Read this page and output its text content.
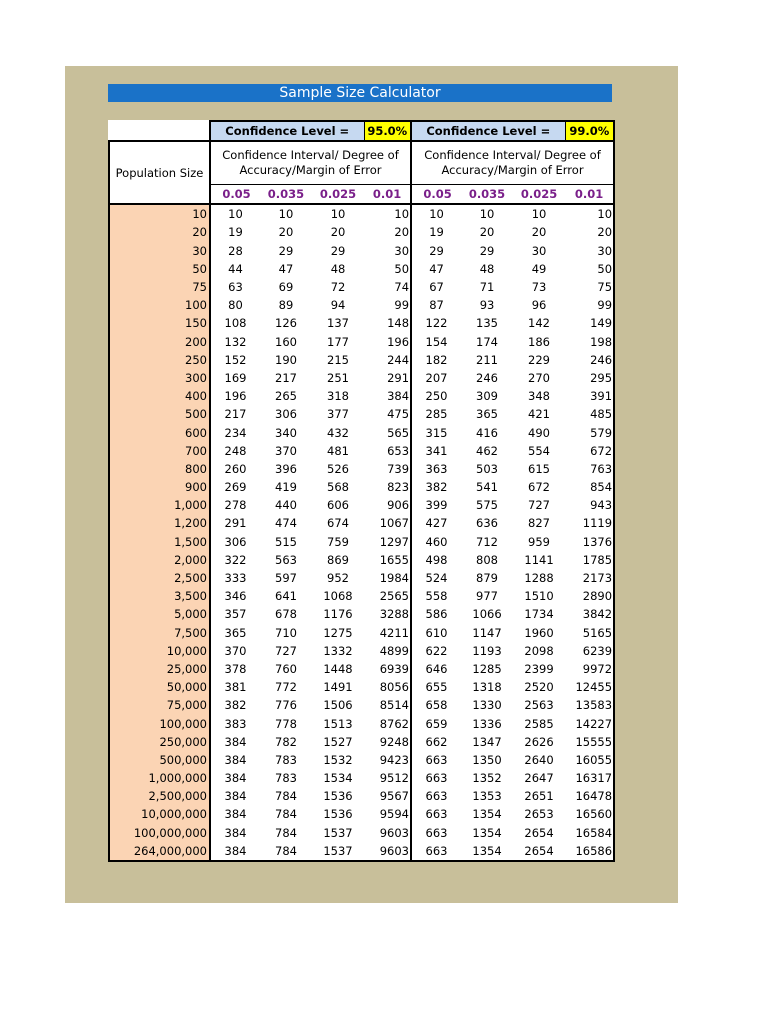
Sample Size Calculator
	Confidence Level =			95.0%	Confidence Level =			99.0%
Population Size	Confidence Interval/ Degree of Accuracy/Margin of Error				Confidence Interval/ Degree of Accuracy/Margin of Error			
	0.05	0.035	0.025	0.01	0.05	0.035	0.025	0.01
10	10	10	10	10	10	10	10	10
20	19	20	20	20	19	20	20	20
30	28	29	29	30	29	29	30	30
50	44	47	48	50	47	48	49	50
75	63	69	72	74	67	71	73	75
100	80	89	94	99	87	93	96	99
150	108	126	137	148	122	135	142	149
200	132	160	177	196	154	174	186	198
250	152	190	215	244	182	211	229	246
300	169	217	251	291	207	246	270	295
400	196	265	318	384	250	309	348	391
500	217	306	377	475	285	365	421	485
600	234	340	432	565	315	416	490	579
700	248	370	481	653	341	462	554	672
800	260	396	526	739	363	503	615	763
900	269	419	568	823	382	541	672	854
1,000	278	440	606	906	399	575	727	943
1,200	291	474	674	1067	427	636	827	1119
1,500	306	515	759	1297	460	712	959	1376
2,000	322	563	869	1655	498	808	1141	1785
2,500	333	597	952	1984	524	879	1288	2173
3,500	346	641	1068	2565	558	977	1510	2890
5,000	357	678	1176	3288	586	1066	1734	3842
7,500	365	710	1275	4211	610	1147	1960	5165
10,000	370	727	1332	4899	622	1193	2098	6239
25,000	378	760	1448	6939	646	1285	2399	9972
50,000	381	772	1491	8056	655	1318	2520	12455
75,000	382	776	1506	8514	658	1330	2563	13583
100,000	383	778	1513	8762	659	1336	2585	14227
250,000	384	782	1527	9248	662	1347	2626	15555
500,000	384	783	1532	9423	663	1350	2640	16055
1,000,000	384	783	1534	9512	663	1352	2647	16317
2,500,000	384	784	1536	9567	663	1353	2651	16478
10,000,000	384	784	1536	9594	663	1354	2653	16560
100,000,000	384	784	1537	9603	663	1354	2654	16584
264,000,000	384	784	1537	9603	663	1354	2654	16586
